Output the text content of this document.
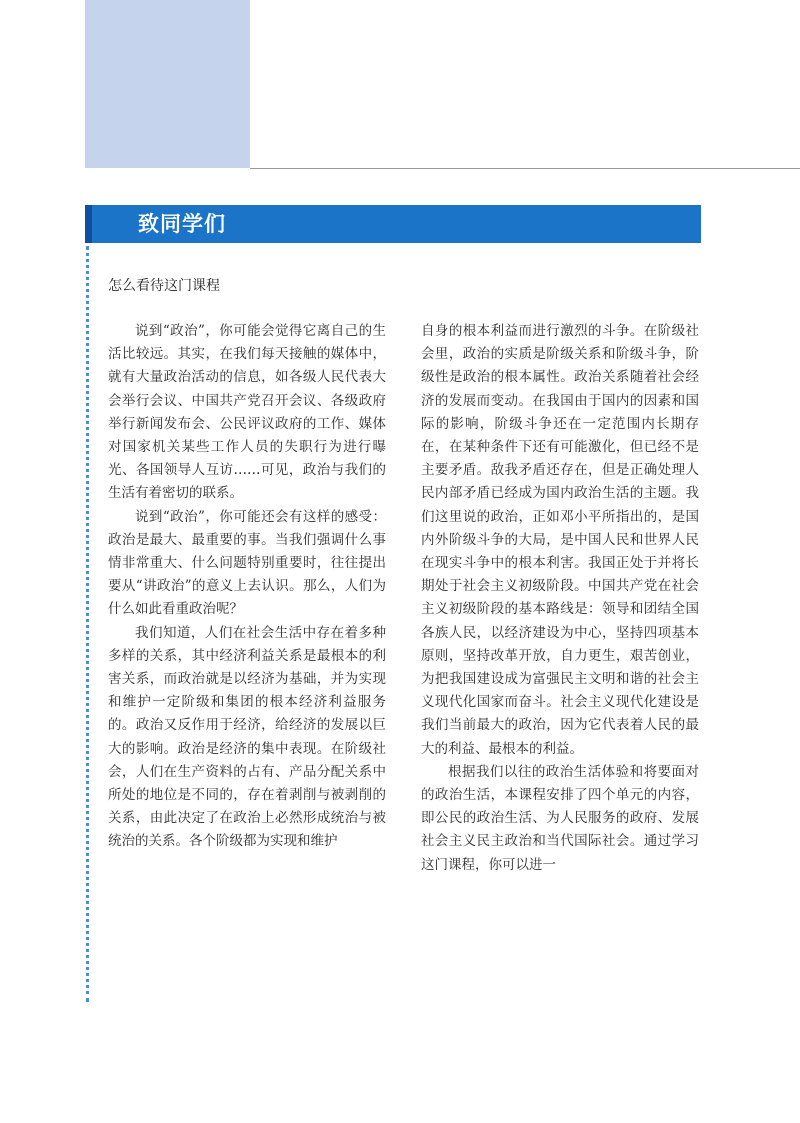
致同学们
怎么看待这门课程

说到“政治”，你可能会觉得它离自己的生活比较远。其实，在我们每天接触的媒体中，就有大量政治活动的信息，如各级人民代表大会举行会议、中国共产党召开会议、各级政府举行新闻发布会、公民评议政府的工作、媒体对国家机关某些工作人员的失职行为进行曝光、各国领导人互访……可见，政治与我们的生活有着密切的联系。

说到“政治”，你可能还会有这样的感受：政治是最大、最重要的事。当我们强调什么事情非常重大、什么问题特别重要时，往往提出要从“讲政治”的意义上去认识。那么，人们为什么如此看重政治呢？

我们知道，人们在社会生活中存在着多种多样的关系，其中经济利益关系是最根本的利害关系，而政治就是以经济为基础，并为实现和维护一定阶级和集团的根本经济利益服务的。政治又反作用于经济，给经济的发展以巨大的影响。政治是经济的集中表现。在阶级社会，人们在生产资料的占有、产品分配关系中所处的地位是不同的，存在着剥削与被剥削的关系，由此决定了在政治上必然形成统治与被统治的关系。各个阶级都为实现和维护

自身的根本利益而进行激烈的斗争。在阶级社会里，政治的实质是阶级关系和阶级斗争，阶级性是政治的根本属性。政治关系随着社会经济的发展而变动。在我国由于国内的因素和国际的影响，阶级斗争还在一定范围内长期存在，在某种条件下还有可能激化，但已经不是主要矛盾。敌我矛盾还存在，但是正确处理人民内部矛盾已经成为国内政治生活的主题。我们这里说的政治，正如邓小平所指出的，是国内外阶级斗争的大局，是中国人民和世界人民在现实斗争中的根本利害。我国正处于并将长期处于社会主义初级阶段。中国共产党在社会主义初级阶段的基本路线是：领导和团结全国各族人民，以经济建设为中心，坚持四项基本原则，坚持改革开放，自力更生，艰苦创业，为把我国建设成为富强民主文明和谐的社会主义现代化国家而奋斗。社会主义现代化建设是我们当前最大的政治，因为它代表着人民的最大的利益、最根本的利益。

根据我们以往的政治生活体验和将要面对的政治生活，本课程安排了四个单元的内容，即公民的政治生活、为人民服务的政府、发展社会主义民主政治和当代国际社会。通过学习这门课程，你可以进一
